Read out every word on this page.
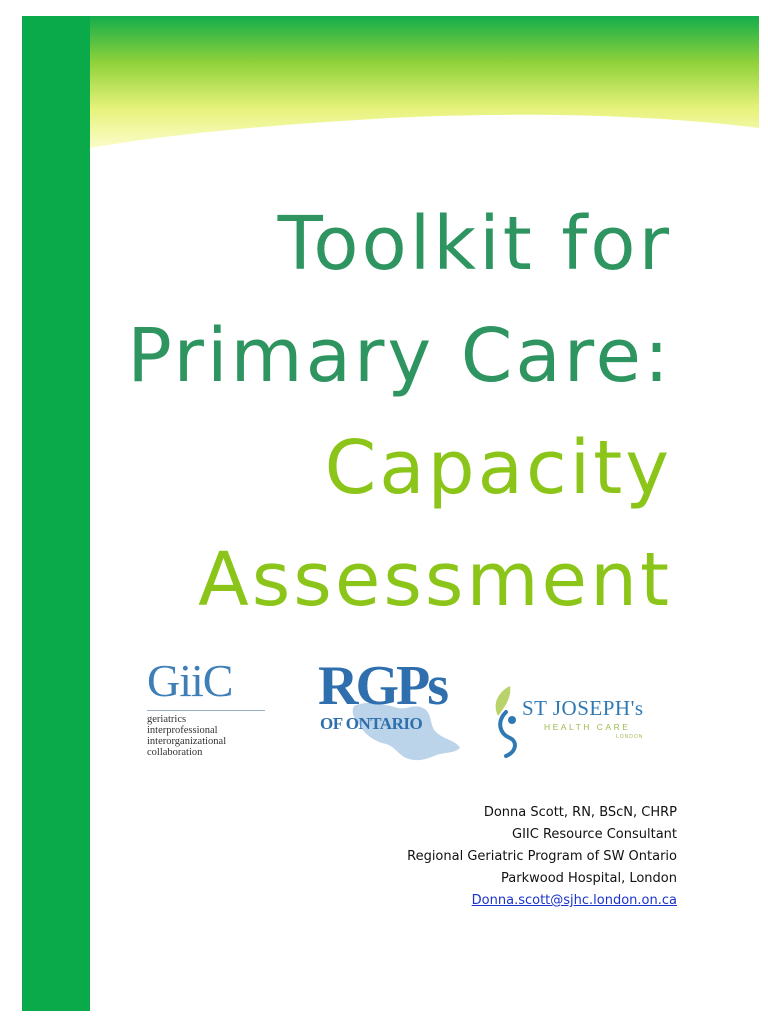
Toolkit for
Primary Care:
Capacity
Assessment
GiiC
geriatrics
interprofessional
interorganizational
collaboration
RGPs
OF ONTARIO
ST JOSEPH's
HEALTH CARE
LONDON
Donna Scott, RN, BScN, CHRP
GIIC Resource Consultant
Regional Geriatric Program of SW Ontario
Parkwood Hospital, London
Donna.scott@sjhc.london.on.ca
